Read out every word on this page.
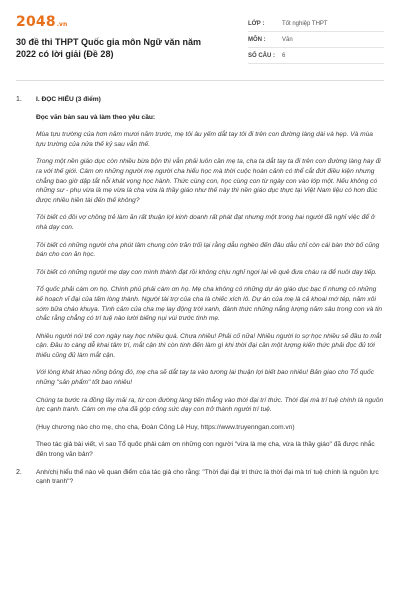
2048 .vn
30 đề thi THPT Quốc gia môn Ngữ văn năm 2022 có lời giải (Đề 28)
LỚP :	Tốt nghiệp THPT
MÔN :	Văn
SỐ CÂU :	6
1. I. ĐỌC HIỂU (3 điểm)

Đọc văn bản sau và làm theo yêu cầu:

Mùa tựu trường của hơn năm mươi năm trước, mẹ tôi âu yếm dắt tay tôi đi trên con đường làng dài và hẹp. Và mùa tựu trường của nửa thế kỷ sau vẫn thế.

Trong một nền giáo dục còn nhiều bừa bộn thì vẫn phải luôn cần mẹ ta, cha ta dắt tay ta đi trên con đường làng hay đi ra với thế giới. Cám ơn những người mẹ người cha hiểu học mà thời cuộc hoàn cảnh có thể cắt đứt điều kiện nhưng chẳng bao giờ dập tắt nỗi khát vọng học hành. Thức cùng con, học cùng con từ ngày con vào lớp một. Nếu không có những sư - phụ vừa là mẹ vừa là cha vừa là thầy giáo như thế này thì nền giáo dục thực tại Việt Nam liệu có hơn đúc được nhiều hiền tài đến thế không?

Tôi biết có đôi vợ chồng trẻ làm ăn rất thuận lợi kinh doanh rất phát đạt nhưng một trong hai người đã nghỉ việc để ở nhà dạy con.

Tôi biết có những người cha phút lâm chung còn trăn trối lại rằng dẫu nghèo đến đâu dẫu chỉ còn cái bàn thờ bố cũng bán cho con ăn học.

Tôi biết có những người mẹ dạy con mình thành đạt rồi không chịu nghỉ ngơi lại về quê đưa cháu ra để nuôi dạy tiếp.

Tổ quốc phải cám ơn họ. Chính phủ phải cám ơn họ. Mẹ cha không có những dự án giáo dục bạc tỉ nhưng có những kế hoạch vĩ đại của tấm lòng thành. Người tài trợ của cha là chiếc xích lô. Dự án của mẹ là cả khoai mớ tép, năm xôi sớm bữa cháo khuya. Tình cảm của cha mẹ lay động trời xanh, đánh thức những nắng lượng năm sâu trong con và tin chắc rằng chẳng có trí tuệ nào lười biếng nụi vùi trước tình mẹ.

Nhiều người nói trẻ con ngày nay học nhiều quá. Chưa nhiều! Phải cố nữa! Nhiều người lo sợ học nhiều sẽ đầu to mắt cận. Đầu to càng dễ khai tâm trí, mắt cận thì còn tinh đến làm gì khi thời đại cần một lượng kiến thức phải đọc đủ tới thiếu cũng đủ làm mắt cận.

Với lòng khát khao nồng bỏng đó, mẹ cha sẽ dắt tay ta vào tương lai thuận lợi biết bao nhiêu! Bản giao cho Tổ quốc những "sản phẩm" tốt bao nhiêu!

Chúng ta bước ra đồng lầy mải ra, từ con đường làng tiến thẳng vào thời đại trí thức. Thời đại mà trí tuệ chính là nguồn lực cạnh tranh. Cám ơn mẹ cha đã góp công sức dạy con trở thành người trí tuệ.

(Huy chương nào cho mẹ, cho cha, Đoàn Công Lê Huy, https://www.truyenngan.com.vn)

Theo tác giả bài viết, vì sao Tổ quốc phải cám ơn những con người "vừa là mẹ cha, vừa là thầy giáo" đã được nhắc đến trong văn bản?

2. Anh/chị hiểu thế nào về quan điểm của tác giả cho rằng: "Thời đại đại trí thức là thời đại mà trí tuệ chính là nguồn lực cạnh tranh"?
